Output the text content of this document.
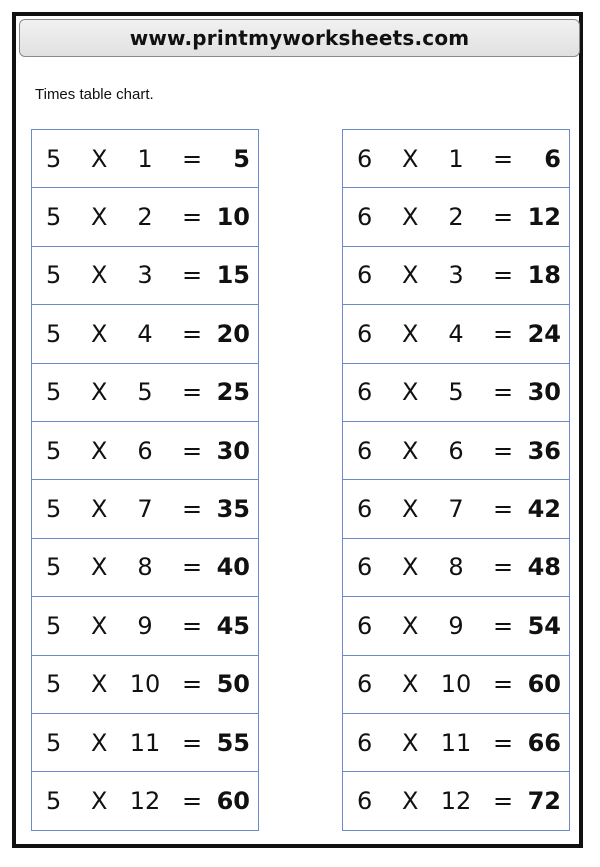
www.printmyworksheets.com
Times table chart.
5 X 1 = 5
5 X 2 = 10
5 X 3 = 15
5 X 4 = 20
5 X 5 = 25
5 X 6 = 30
5 X 7 = 35
5 X 8 = 40
5 X 9 = 45
5 X 10 = 50
5 X 11 = 55
5 X 12 = 60
6 X 1 = 6
6 X 2 = 12
6 X 3 = 18
6 X 4 = 24
6 X 5 = 30
6 X 6 = 36
6 X 7 = 42
6 X 8 = 48
6 X 9 = 54
6 X 10 = 60
6 X 11 = 66
6 X 12 = 72
